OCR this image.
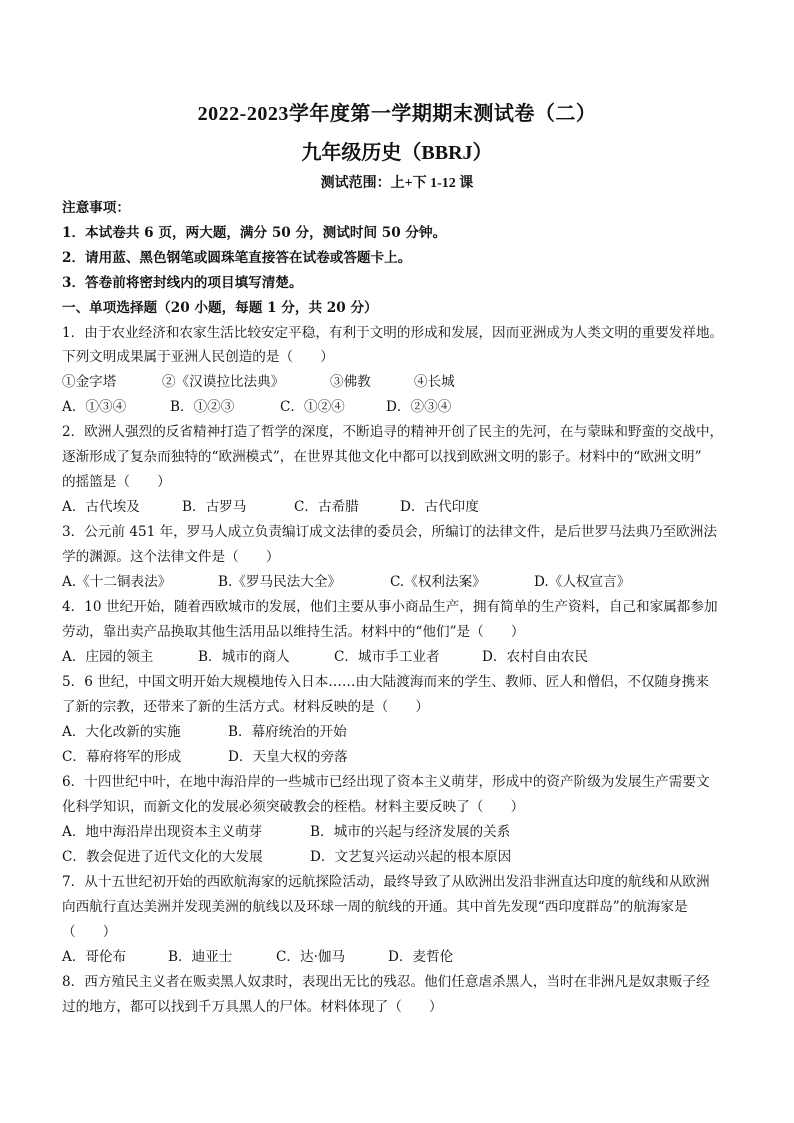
2022-2023学年度第一学期期末测试卷（二）
九年级历史（BBRJ）
测试范围：上+下 1-12 课
注意事项：
1．本试卷共 6 页，两大题，满分 50 分，测试时间 50 分钟。
2．请用蓝、黑色钢笔或圆珠笔直接答在试卷或答题卡上。
3．答卷前将密封线内的项目填写清楚。
一、单项选择题（20 小题，每题 1 分，共 20 分）
1．由于农业经济和农家生活比较安定平稳，有利于文明的形成和发展，因而亚洲成为人类文明的重要发祥地。
下列文明成果属于亚洲人民创造的是（　　）
①金字塔	②《汉谟拉比法典》	③佛教	④长城
A．①③④	B．①②③	C．①②④	D．②③④
2．欧洲人强烈的反省精神打造了哲学的深度，不断追寻的精神开创了民主的先河，在与蒙昧和野蛮的交战中，
逐渐形成了复杂而独特的“欧洲模式”，在世界其他文化中都可以找到欧洲文明的影子。材料中的“欧洲文明”
的摇篮是（　　）
A．古代埃及	B．古罗马	C．古希腊	D．古代印度
3．公元前 451 年，罗马人成立负责编订成文法律的委员会，所编订的法律文件，是后世罗马法典乃至欧洲法
学的渊源。这个法律文件是（　　）
A.《十二铜表法》	B.《罗马民法大全》	C.《权利法案》	D.《人权宣言》
4．10 世纪开始，随着西欧城市的发展，他们主要从事小商品生产，拥有简单的生产资料，自己和家属都参加
劳动，靠出卖产品换取其他生活用品以维持生活。材料中的“他们”是（　　）
A．庄园的领主	B．城市的商人	C．城市手工业者	D．农村自由农民
5．6 世纪，中国文明开始大规模地传入日本……由大陆渡海而来的学生、教师、匠人和僧侣，不仅随身携来
了新的宗教，还带来了新的生活方式。材料反映的是（　　）
A．大化改新的实施	B．幕府统治的开始
C．幕府将军的形成	D．天皇大权的旁落
6．十四世纪中叶，在地中海沿岸的一些城市已经出现了资本主义萌芽，形成中的资产阶级为发展生产需要文
化科学知识，而新文化的发展必须突破教会的桎梏。材料主要反映了（　　）
A．地中海沿岸出现资本主义萌芽	B．城市的兴起与经济发展的关系
C．教会促进了近代文化的大发展	D．文艺复兴运动兴起的根本原因
7．从十五世纪初开始的西欧航海家的远航探险活动，最终导致了从欧洲出发沿非洲直达印度的航线和从欧洲
向西航行直达美洲并发现美洲的航线以及环球一周的航线的开通。其中首先发现“西印度群岛”的航海家是
（　　）
A．哥伦布	B．迪亚士	C．达·伽马	D．麦哲伦
8．西方殖民主义者在贩卖黑人奴隶时，表现出无比的残忍。他们任意虐杀黑人，当时在非洲凡是奴隶贩子经
过的地方，都可以找到千万具黑人的尸体。材料体现了（　　）
